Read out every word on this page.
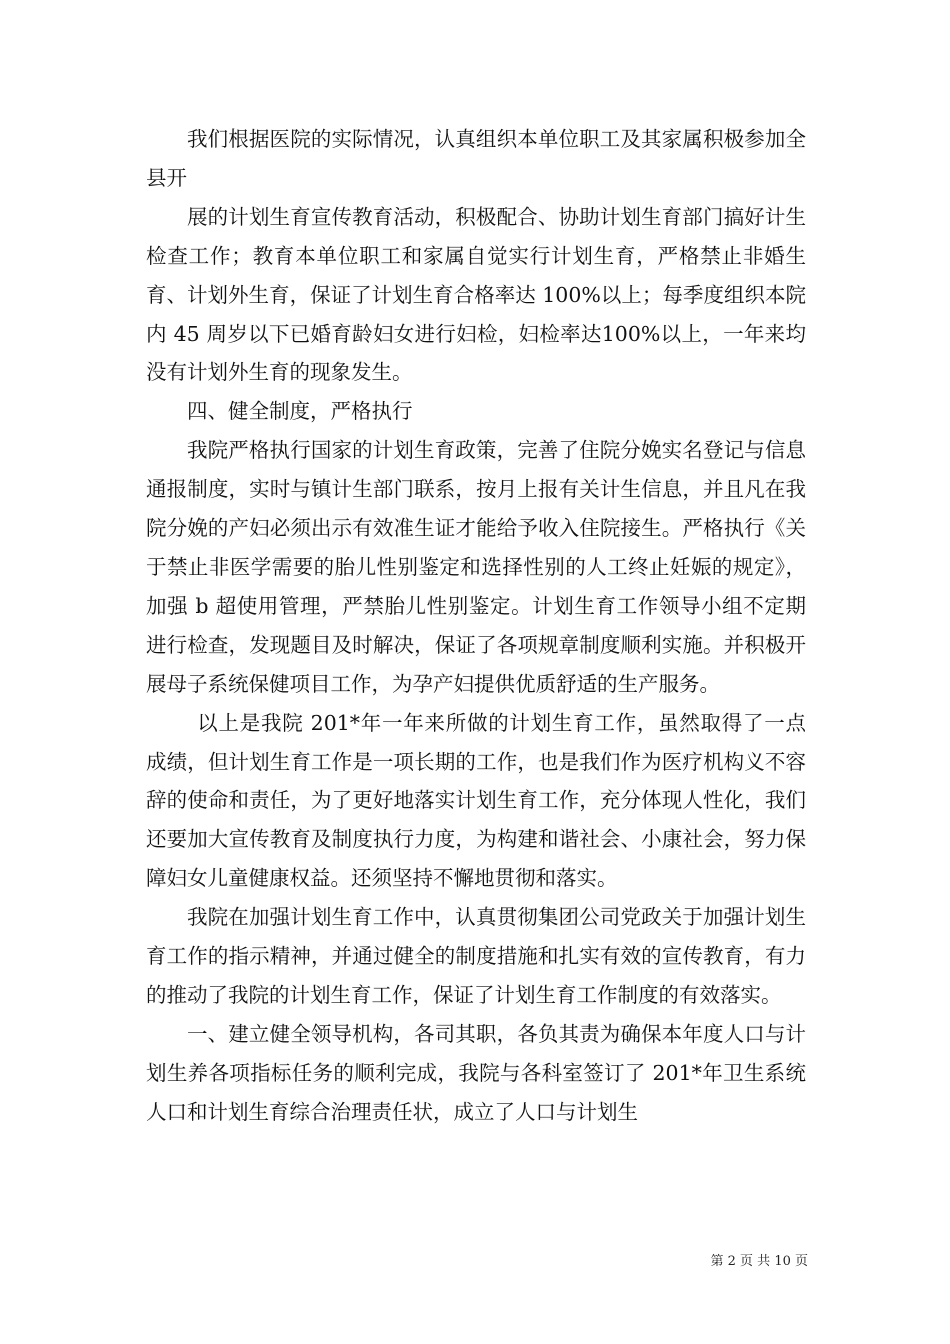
我们根据医院的实际情况，认真组织本单位职工及其家属积极参加全县开

展的计划生育宣传教育活动，积极配合、协助计划生育部门搞好计生检查工作；教育本单位职工和家属自觉实行计划生育，严格禁止非婚生育、计划外生育，保证了计划生育合格率达 100%以上；每季度组织本院内 45 周岁以下已婚育龄妇女进行妇检，妇检率达100%以上，一年来均没有计划外生育的现象发生。

四、健全制度，严格执行

我院严格执行国家的计划生育政策，完善了住院分娩实名登记与信息通报制度，实时与镇计生部门联系，按月上报有关计生信息，并且凡在我院分娩的产妇必须出示有效准生证才能给予收入住院接生。严格执行《关于禁止非医学需要的胎儿性别鉴定和选择性别的人工终止妊娠的规定》，加强 b 超使用管理，严禁胎儿性别鉴定。计划生育工作领导小组不定期进行检查，发现题目及时解决，保证了各项规章制度顺利实施。并积极开展母子系统保健项目工作，为孕产妇提供优质舒适的生产服务。

以上是我院 201*年一年来所做的计划生育工作，虽然取得了一点成绩，但计划生育工作是一项长期的工作，也是我们作为医疗机构义不容辞的使命和责任，为了更好地落实计划生育工作，充分体现人性化，我们还要加大宣传教育及制度执行力度，为构建和谐社会、小康社会，努力保障妇女儿童健康权益。还须坚持不懈地贯彻和落实。

我院在加强计划生育工作中，认真贯彻集团公司党政关于加强计划生育工作的指示精神，并通过健全的制度措施和扎实有效的宣传教育，有力的推动了我院的计划生育工作，保证了计划生育工作制度的有效落实。

一、建立健全领导机构，各司其职，各负其责为确保本年度人口与计划生养各项指标任务的顺利完成，我院与各科室签订了 201*年卫生系统人口和计划生育综合治理责任状，成立了人口与计划生

第 2 页 共 10 页
